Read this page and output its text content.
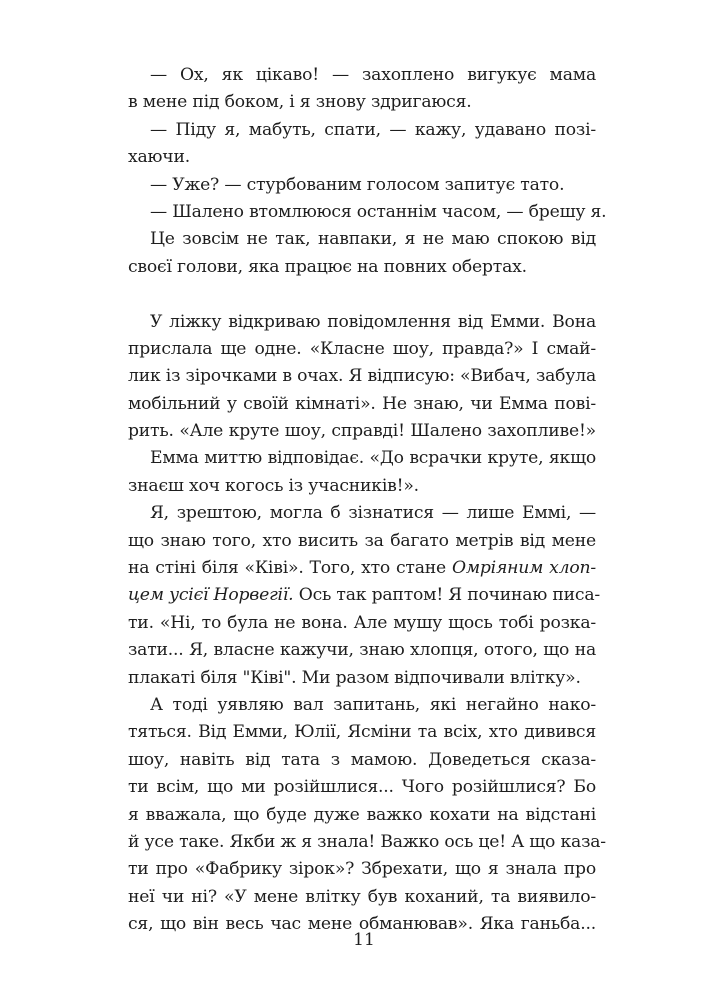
— Ох, як цікаво! — захоплено вигукує мама
в мене під боком, і я знову здригаюся.
— Піду я, мабуть, спати, — кажу, удавано позі-
хаючи.
— Уже? — стурбованим голосом запитує тато.
— Шалено втомлююся останнім часом, — брешу я.
Це зовсім не так, навпаки, я не маю спокою від
своєї голови, яка працює на повних обертах.
У ліжку відкриваю повідомлення від Емми. Вона
прислала ще одне. «Класне шоу, правда?» І смай-
лик із зірочками в очах. Я відписую: «Вибач, забула
мобільний у своїй кімнаті». Не знаю, чи Емма пові-
рить. «Але круте шоу, справді! Шалено захопливе!»
Емма миттю відповідає. «До всрачки круте, якщо
знаєш хоч когось із учасників!».
Я, зрештою, могла б зізнатися — лише Еммі, —
що знаю того, хто висить за багато метрів від мене
на стіні біля «Ківі». Того, хто стане Омріяним хлоп-
цем усієї Норвегії. Ось так раптом! Я починаю писа-
ти. «Ні, то була не вона. Але мушу щось тобі розка-
зати... Я, власне кажучи, знаю хлопця, отого, що на
плакаті біля "Ківі". Ми разом відпочивали влітку».
А тоді уявляю вал запитань, які негайно нако-
тяться. Від Емми, Юлії, Ясміни та всіх, хто дивився
шоу, навіть від тата з мамою. Доведеться сказа-
ти всім, що ми розійшлися... Чого розійшлися? Бо
я вважала, що буде дуже важко кохати на відстані
й усе таке. Якби ж я знала! Важко ось це! А що каза-
ти про «Фабрику зірок»? Збрехати, що я знала про
неї чи ні? «У мене влітку був коханий, та виявило-
ся, що він весь час мене обманював». Яка ганьба...
11
